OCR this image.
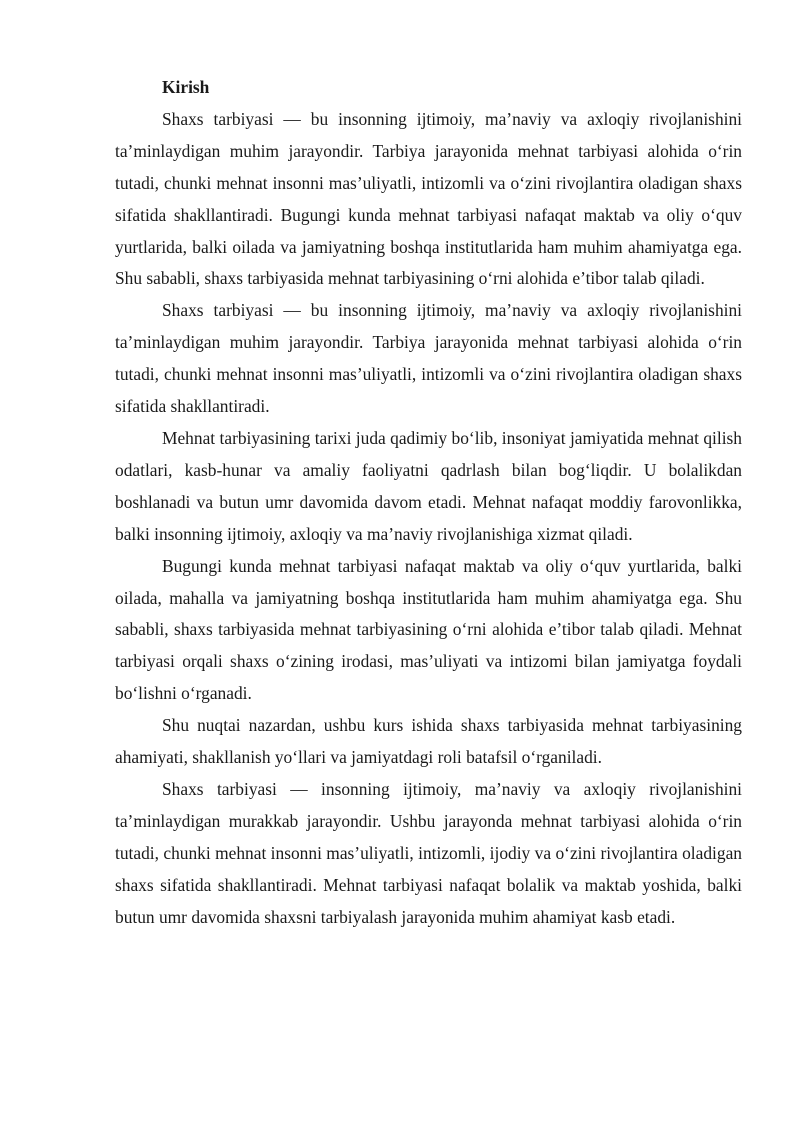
Kirish

Shaxs tarbiyasi — bu insonning ijtimoiy, ma’naviy va axloqiy rivojlanishini ta’minlaydigan muhim jarayondir. Tarbiya jarayonida mehnat tarbiyasi alohida o‘rin tutadi, chunki mehnat insonni mas’uliyatli, intizomli va o‘zini rivojlantira oladigan shaxs sifatida shakllantiradi. Bugungi kunda mehnat tarbiyasi nafaqat maktab va oliy o‘quv yurtlarida, balki oilada va jamiyatning boshqa institutlarida ham muhim ahamiyatga ega. Shu sababli, shaxs tarbiyasida mehnat tarbiyasining o‘rni alohida e’tibor talab qiladi.

Shaxs tarbiyasi — bu insonning ijtimoiy, ma’naviy va axloqiy rivojlanishini ta’minlaydigan muhim jarayondir. Tarbiya jarayonida mehnat tarbiyasi alohida o‘rin tutadi, chunki mehnat insonni mas’uliyatli, intizomli va o‘zini rivojlantira oladigan shaxs sifatida shakllantiradi.

Mehnat tarbiyasining tarixi juda qadimiy bo‘lib, insoniyat jamiyatida mehnat qilish odatlari, kasb-hunar va amaliy faoliyatni qadrlash bilan bog‘liqdir. U bolalikdan boshlanadi va butun umr davomida davom etadi. Mehnat nafaqat moddiy farovonlikka, balki insonning ijtimoiy, axloqiy va ma’naviy rivojlanishiga xizmat qiladi.

Bugungi kunda mehnat tarbiyasi nafaqat maktab va oliy o‘quv yurtlarida, balki oilada, mahalla va jamiyatning boshqa institutlarida ham muhim ahamiyatga ega. Shu sababli, shaxs tarbiyasida mehnat tarbiyasining o‘rni alohida e’tibor talab qiladi. Mehnat tarbiyasi orqali shaxs o‘zining irodasi, mas’uliyati va intizomi bilan jamiyatga foydali bo‘lishni o‘rganadi.

Shu nuqtai nazardan, ushbu kurs ishida shaxs tarbiyasida mehnat tarbiyasining ahamiyati, shakllanish yo‘llari va jamiyatdagi roli batafsil o‘rganiladi.

Shaxs tarbiyasi — insonning ijtimoiy, ma’naviy va axloqiy rivojlanishini ta’minlaydigan murakkab jarayondir. Ushbu jarayonda mehnat tarbiyasi alohida o‘rin tutadi, chunki mehnat insonni mas’uliyatli, intizomli, ijodiy va o‘zini rivojlantira oladigan shaxs sifatida shakllantiradi. Mehnat tarbiyasi nafaqat bolalik va maktab yoshida, balki butun umr davomida shaxsni tarbiyalash jarayonida muhim ahamiyat kasb etadi.
